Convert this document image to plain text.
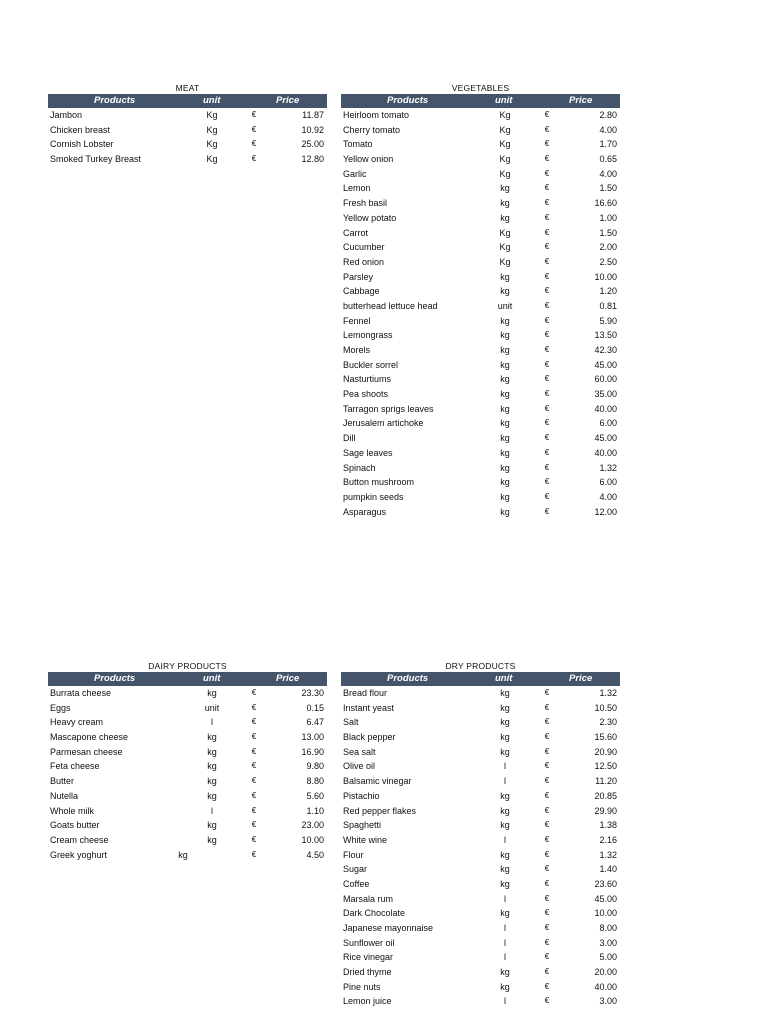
MEAT
Products	unit	Price
Jambon	Kg	€	11.87
Chicken breast	Kg	€	10.92
Cornish Lobster	Kg	€	25.00
Smoked Turkey Breast	Kg	€	12.80
VEGETABLES
Products	unit	Price
Heirloom tomato	Kg	€	2.80
Cherry tomato	Kg	€	4.00
Tomato	Kg	€	1.70
Yellow onion	Kg	€	0.65
Garlic	Kg	€	4.00
Lemon	kg	€	1.50
Fresh basil	kg	€	16.60
Yellow potato	kg	€	1.00
Carrot	Kg	€	1.50
Cucumber	Kg	€	2.00
Red onion	Kg	€	2.50
Parsley	kg	€	10.00
Cabbage	kg	€	1.20
butterhead lettuce head	unit	€	0.81
Fennel	kg	€	5.90
Lemongrass	kg	€	13.50
Morels	kg	€	42.30
Buckler sorrel	kg	€	45.00
Nasturtiums	kg	€	60.00
Pea shoots	kg	€	35.00
Tarragon sprigs leaves	kg	€	40.00
Jerusalem artichoke	kg	€	6.00
Dill	kg	€	45.00
Sage leaves	kg	€	40.00
Spinach	kg	€	1.32
Button mushroom	kg	€	6.00
pumpkin seeds	kg	€	4.00
Asparagus	kg	€	12.00
DAIRY PRODUCTS
Products	unit	Price
Burrata cheese	kg	€	23.30
Eggs	unit	€	0.15
Heavy cream	l	€	6.47
Mascapone cheese	kg	€	13.00
Parmesan cheese	kg	€	16.90
Feta cheese	kg	€	9.80
Butter	kg	€	8.80
Nutella	kg	€	5.60
Whole milk	l	€	1.10
Goats butter	kg	€	23.00
Cream cheese	kg	€	10.00
Greek yoghurt	kg	€	4.50
DRY PRODUCTS
Products	unit	Price
Bread flour	kg	€	1.32
Instant yeast	kg	€	10.50
Salt	kg	€	2.30
Black pepper	kg	€	15.60
Sea salt	kg	€	20.90
Olive oil	l	€	12.50
Balsamic vinegar	l	€	11.20
Pistachio	kg	€	20.85
Red pepper flakes	kg	€	29.90
Spaghetti	kg	€	1.38
White wine	l	€	2.16
Flour	kg	€	1.32
Sugar	kg	€	1.40
Coffee	kg	€	23.60
Marsala rum	l	€	45.00
Dark Chocolate	kg	€	10.00
Japanese mayonnaise	l	€	8.00
Sunflower oil	l	€	3.00
Rice vinegar	l	€	5.00
Dried thyme	kg	€	20.00
Pine nuts	kg	€	40.00
Lemon juice	l	€	3.00
